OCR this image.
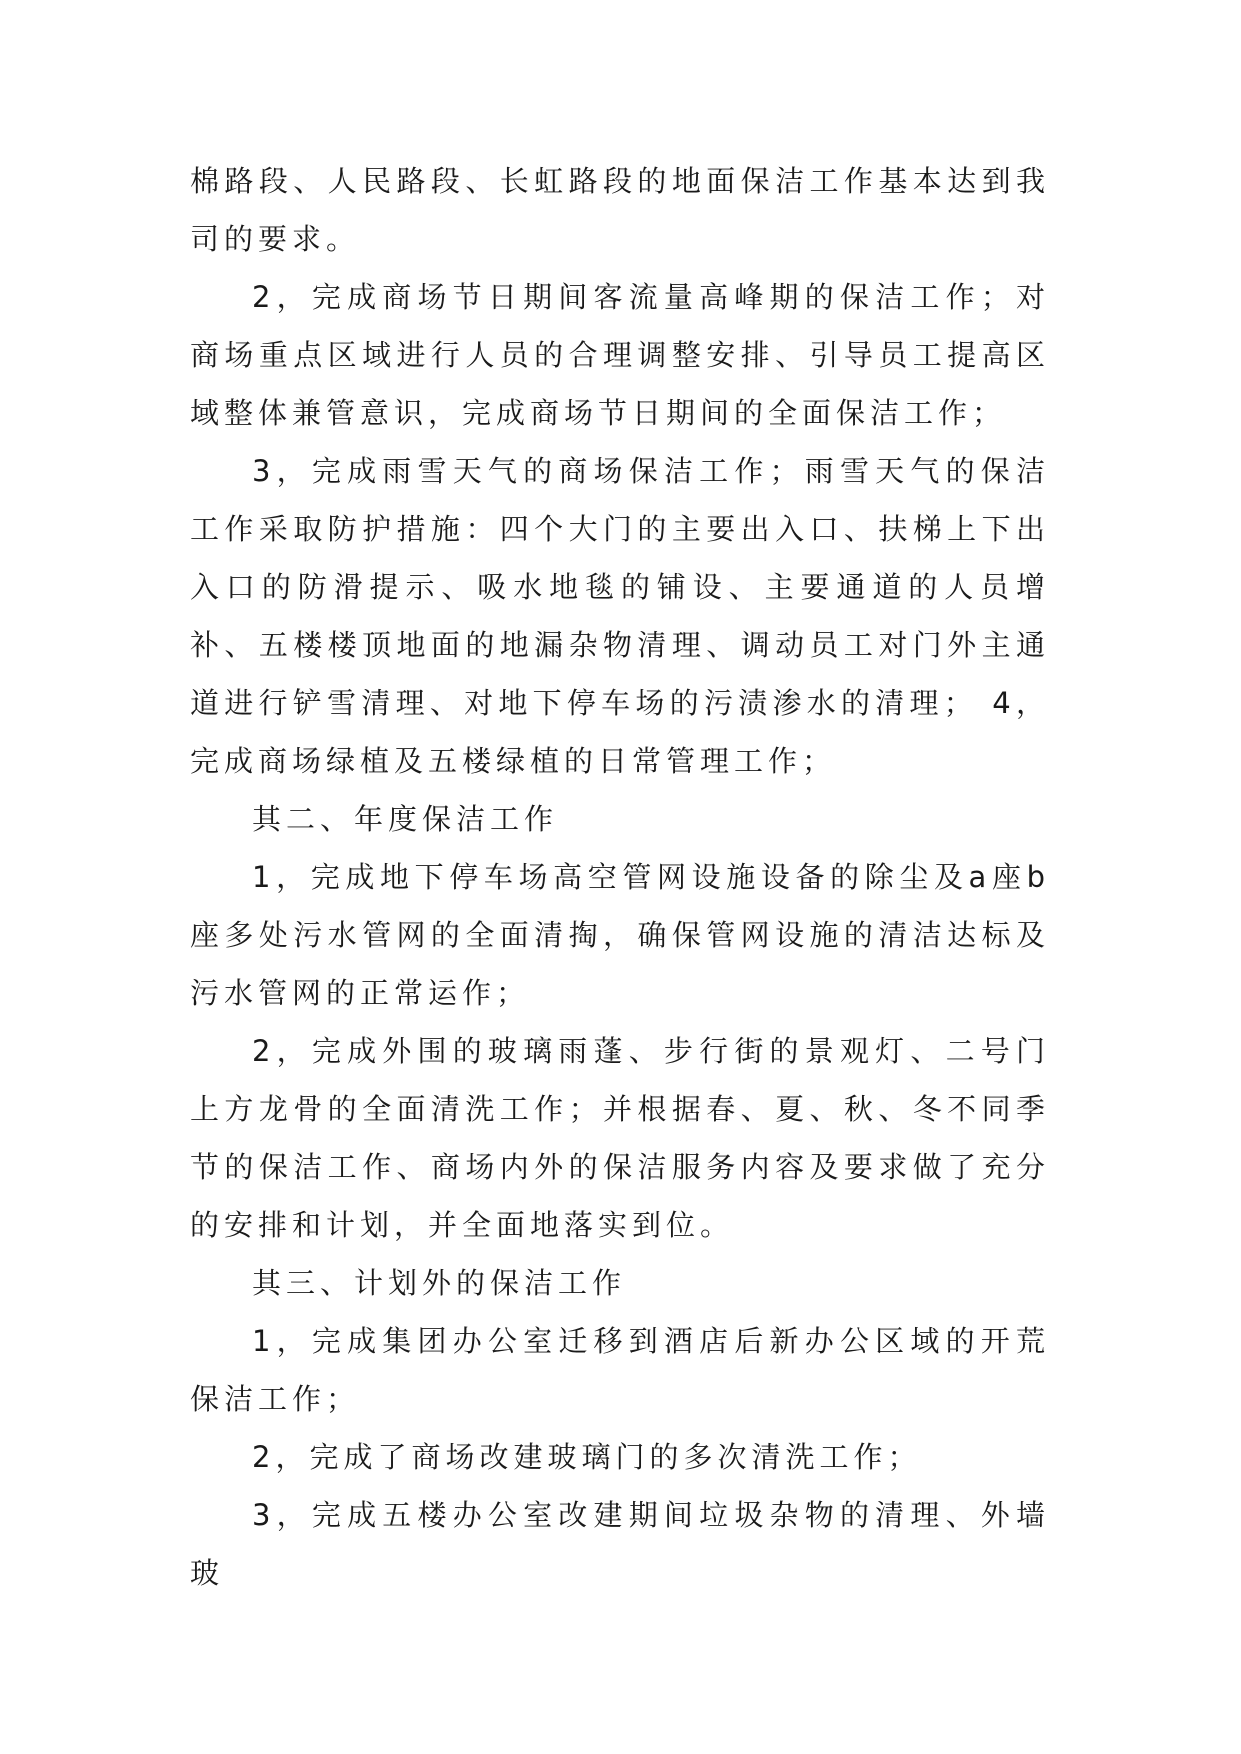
棉路段、人民路段、长虹路段的地面保洁工作基本达到我司的要求。

2，完成商场节日期间客流量高峰期的保洁工作；对商场重点区域进行人员的合理调整安排、引导员工提高区域整体兼管意识，完成商场节日期间的全面保洁工作；

3，完成雨雪天气的商场保洁工作；雨雪天气的保洁工作采取防护措施：四个大门的主要出入口、扶梯上下出入口的防滑提示、吸水地毯的铺设、主要通道的人员增补、五楼楼顶地面的地漏杂物清理、调动员工对门外主通道进行铲雪清理、对地下停车场的污渍渗水的清理； 4，完成商场绿植及五楼绿植的日常管理工作；

其二、年度保洁工作

1，完成地下停车场高空管网设施设备的除尘及a座b座多处污水管网的全面清掏，确保管网设施的清洁达标及污水管网的正常运作；

2，完成外围的玻璃雨蓬、步行街的景观灯、二号门上方龙骨的全面清洗工作；并根据春、夏、秋、冬不同季节的保洁工作、商场内外的保洁服务内容及要求做了充分的安排和计划，并全面地落实到位。

其三、计划外的保洁工作

1，完成集团办公室迁移到酒店后新办公区域的开荒保洁工作；

2，完成了商场改建玻璃门的多次清洗工作；

3，完成五楼办公室改建期间垃圾杂物的清理、外墙玻
